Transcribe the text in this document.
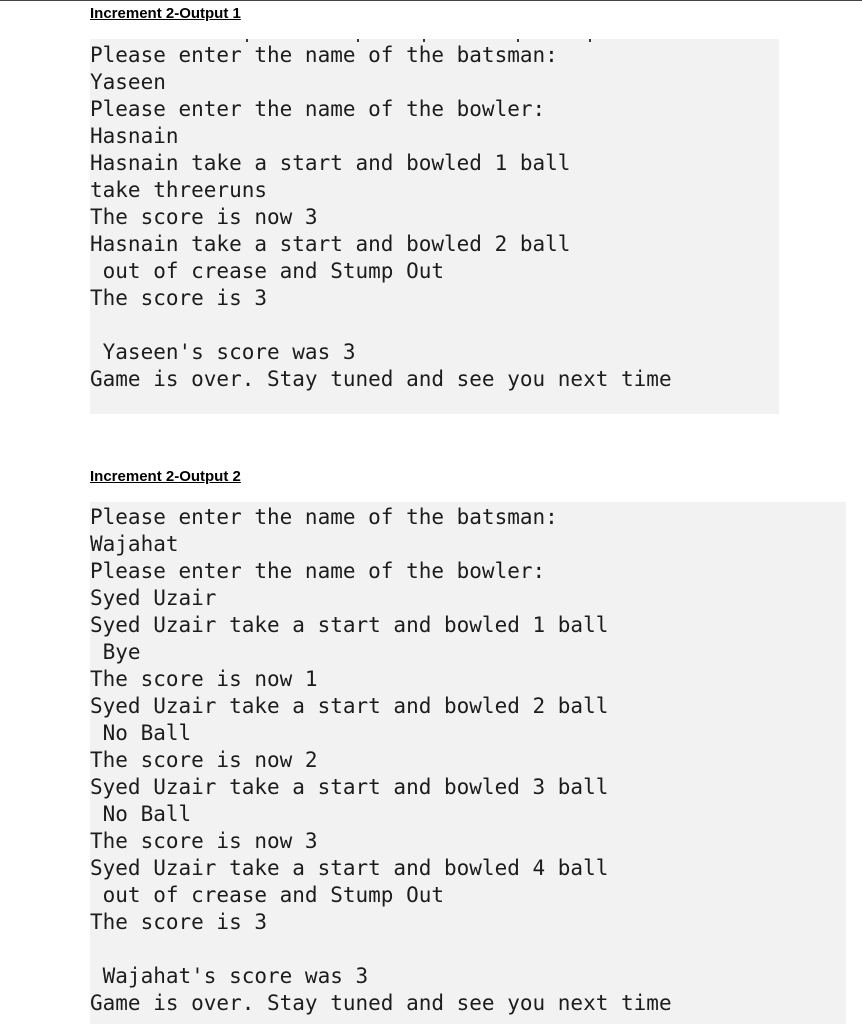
Increment 2-Output 1
Please enter the name of the batsman:
Yaseen
Please enter the name of the bowler:
Hasnain
Hasnain take a start and bowled 1 ball
take threeruns
The score is now 3
Hasnain take a start and bowled 2 ball
out of crease and Stump Out
The score is 3
Yaseen's score was 3
Game is over. Stay tuned and see you next time
Increment 2-Output 2
Please enter the name of the batsman:
Wajahat
Please enter the name of the bowler:
Syed Uzair
Syed Uzair take a start and bowled 1 ball
Bye
The score is now 1
Syed Uzair take a start and bowled 2 ball
No Ball
The score is now 2
Syed Uzair take a start and bowled 3 ball
No Ball
The score is now 3
Syed Uzair take a start and bowled 4 ball
out of crease and Stump Out
The score is 3
Wajahat's score was 3
Game is over. Stay tuned and see you next time
